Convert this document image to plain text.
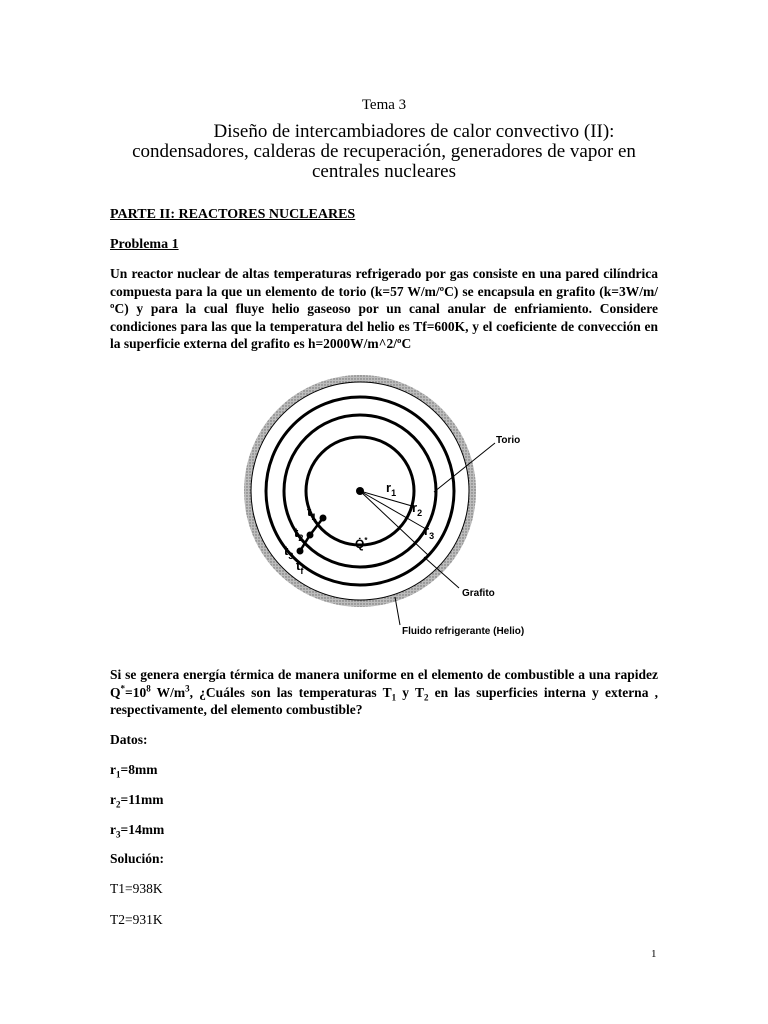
Tema 3
Diseño de intercambiadores de calor convectivo (II):
condensadores, calderas de recuperación, generadores de vapor en
centrales nucleares
PARTE II: REACTORES NUCLEARES
Problema 1
Un reactor nuclear de altas temperaturas refrigerado por gas consiste en una pared cilíndrica compuesta para la que un elemento de torio (k=57 W/m/ºC) se encapsula en grafito (k=3W/m/ºC) y para la cual fluye helio gaseoso por un canal anular de enfriamiento. Considere condiciones para las que la temperatura del helio es Tf=600K, y el coeficiente de convección en la superficie externa del grafito es h=2000W/m^2/ºC
$r_1$
$r_2$
$r_3$
$t_1$
$t_2$
$t_3$
$t_f$
Q̇*
Torio
Grafito
Fluido refrigerante (Helio)
Si se genera energía térmica de manera uniforme en el elemento de combustible a una rapidez $Q^*=10^8$ $W/m^3$, ¿Cuáles son las temperaturas $T_1$ y $T_2$ en las superficies interna y externa , respectivamente, del elemento combustible?
Datos:
$r_1=8mm$
$r_2=11mm$
$r_3=14mm$
Solución:
T1=938K
T2=931K
1
